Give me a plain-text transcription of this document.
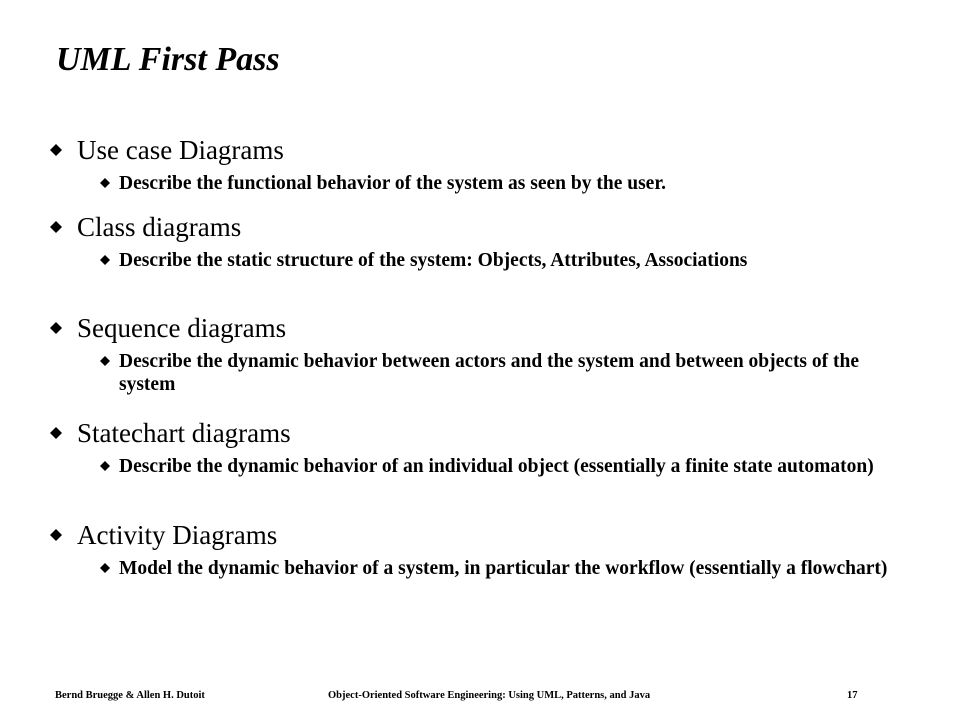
UML First Pass
Use case Diagrams
Describe the functional behavior of the system as seen by the user.
Class diagrams
Describe the static structure of the system: Objects, Attributes, Associations
Sequence diagrams
Describe the dynamic behavior between actors and the system and between objects of the system
Statechart diagrams
Describe the dynamic behavior of an individual object (essentially a finite state automaton)
Activity Diagrams
Model the dynamic behavior of a system, in particular the workflow (essentially a flowchart)
Bernd Bruegge & Allen H. Dutoit	Object-Oriented Software Engineering: Using UML, Patterns, and Java	17
